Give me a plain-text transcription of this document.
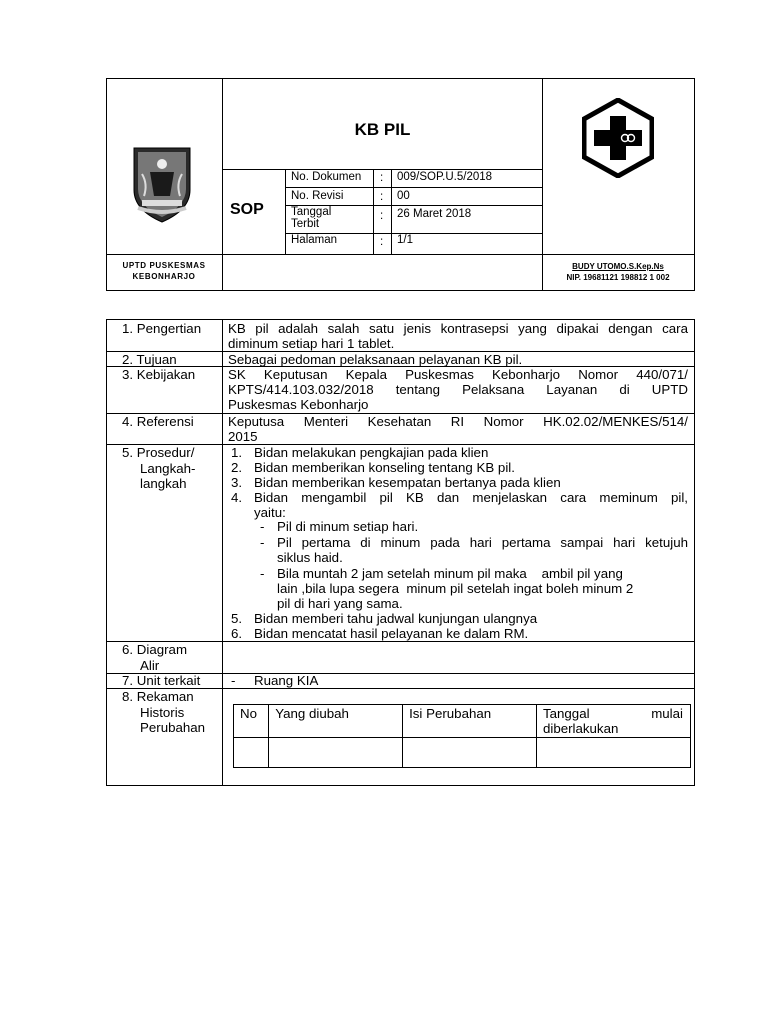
KB PIL
SOP
No. Dokumen : 009/SOP.U.5/2018
No. Revisi	: 00
Tanggal
Terbit
: 26 Maret 2018
Halaman	: 1/1
UPTD PUSKESMAS
KEBONHARJO
BUDY UTOMO.S.Kep.Ns
NIP. 19681121 198812 1 002
1. Pengertian KB pil adalah salah satu jenis kontrasepsi yang dipakai dengan cara
diminum setiap hari 1 tablet.
2. Tujuan	Sebagai pedoman pelaksanaan pelayanan KB pil.
3. Kebijakan SK Keputusan Kepala Puskesmas Kebonharjo Nomor 440/071/
KPTS/414.103.032/2018 tentang Pelaksana Layanan di UPTD
Puskesmas Kebonharjo
4. Referensi	Keputusa Menteri Kesehatan RI Nomor HK.02.02/MENKES/514/
2015
5. Prosedur/
Langkah-
langkah
1. Bidan melakukan pengkajian pada klien
2. Bidan memberikan konseling tentang KB pil.
3. Bidan memberikan kesempatan bertanya pada klien
4. Bidan mengambil pil KB dan menjelaskan cara meminum pil,
yaitu:
- Pil di minum setiap hari.
- Pil pertama di minum pada hari pertama sampai hari ketujuh
siklus haid.
- Bila muntah 2 jam setelah minum pil maka    ambil pil yang
lain ,bila lupa segera  minum pil setelah ingat boleh minum 2
pil di hari yang sama.
5. Bidan memberi tahu jadwal kunjungan ulangnya
6. Bidan mencatat hasil pelayanan ke dalam RM.
6. Diagram
Alir
7. Unit terkait - Ruang KIA
8. Rekaman
Historis
Perubahan
No	Yang diubah	Isi Perubahan	Tanggal mulai
diberlakukan
